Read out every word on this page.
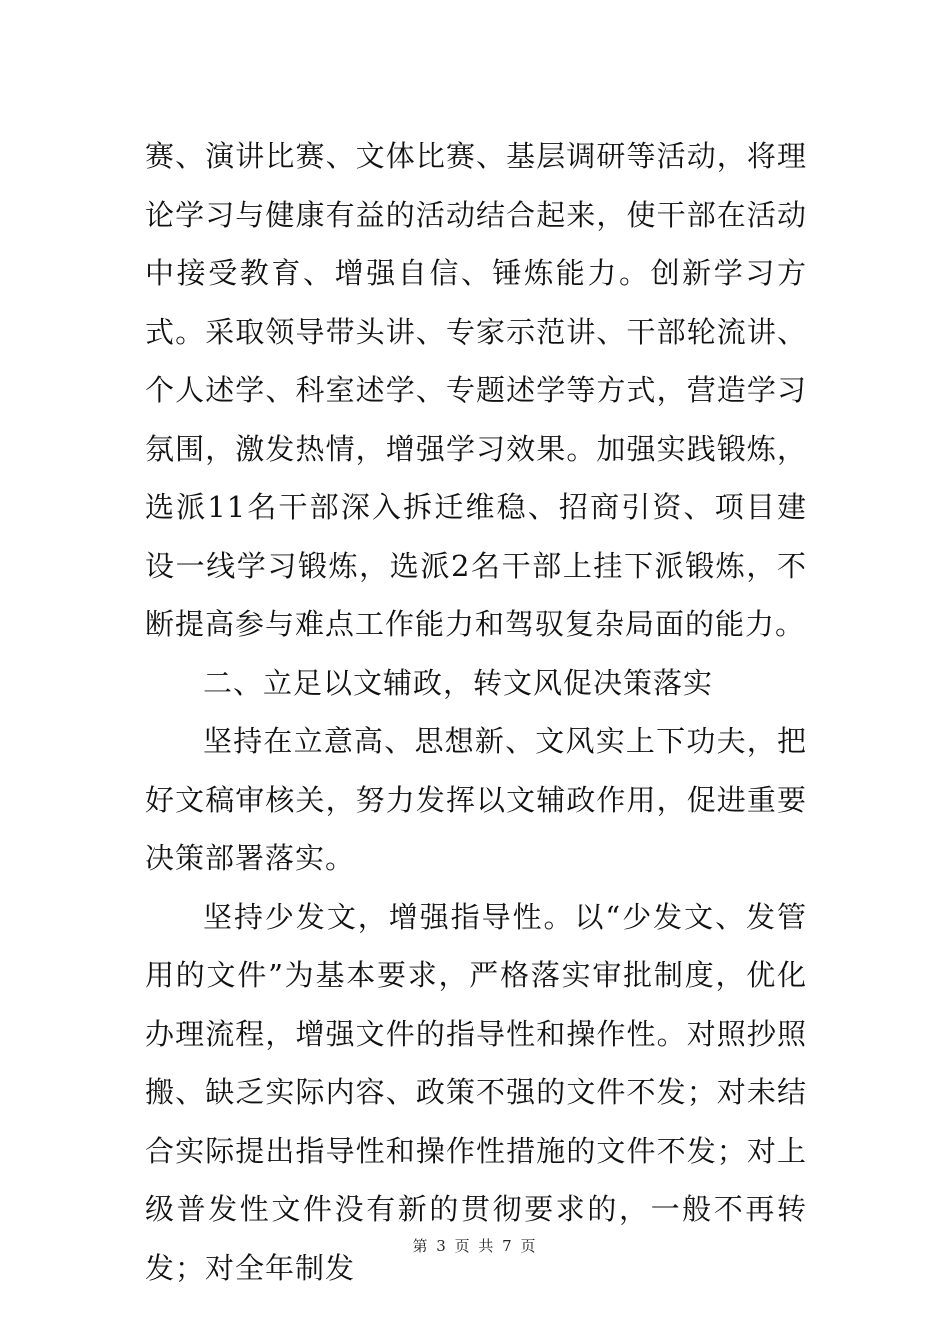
赛、演讲比赛、文体比赛、基层调研等活动，将理论学习与健康有益的活动结合起来，使干部在活动中接受教育、增强自信、锤炼能力。创新学习方式。采取领导带头讲、专家示范讲、干部轮流讲、个人述学、科室述学、专题述学等方式，营造学习氛围，激发热情，增强学习效果。加强实践锻炼，选派11名干部深入拆迁维稳、招商引资、项目建设一线学习锻炼，选派2名干部上挂下派锻炼，不断提高参与难点工作能力和驾驭复杂局面的能力。

二、立足以文辅政，转文风促决策落实

坚持在立意高、思想新、文风实上下功夫，把好文稿审核关，努力发挥以文辅政作用，促进重要决策部署落实。

坚持少发文，增强指导性。以“少发文、发管用的文件”为基本要求，严格落实审批制度，优化办理流程，增强文件的指导性和操作性。对照抄照搬、缺乏实际内容、政策不强的文件不发；对未结合实际提出指导性和操作性措施的文件不发；对上级普发性文件没有新的贯彻要求的，一般不再转发；对全年制发

第 3 页 共 7 页
